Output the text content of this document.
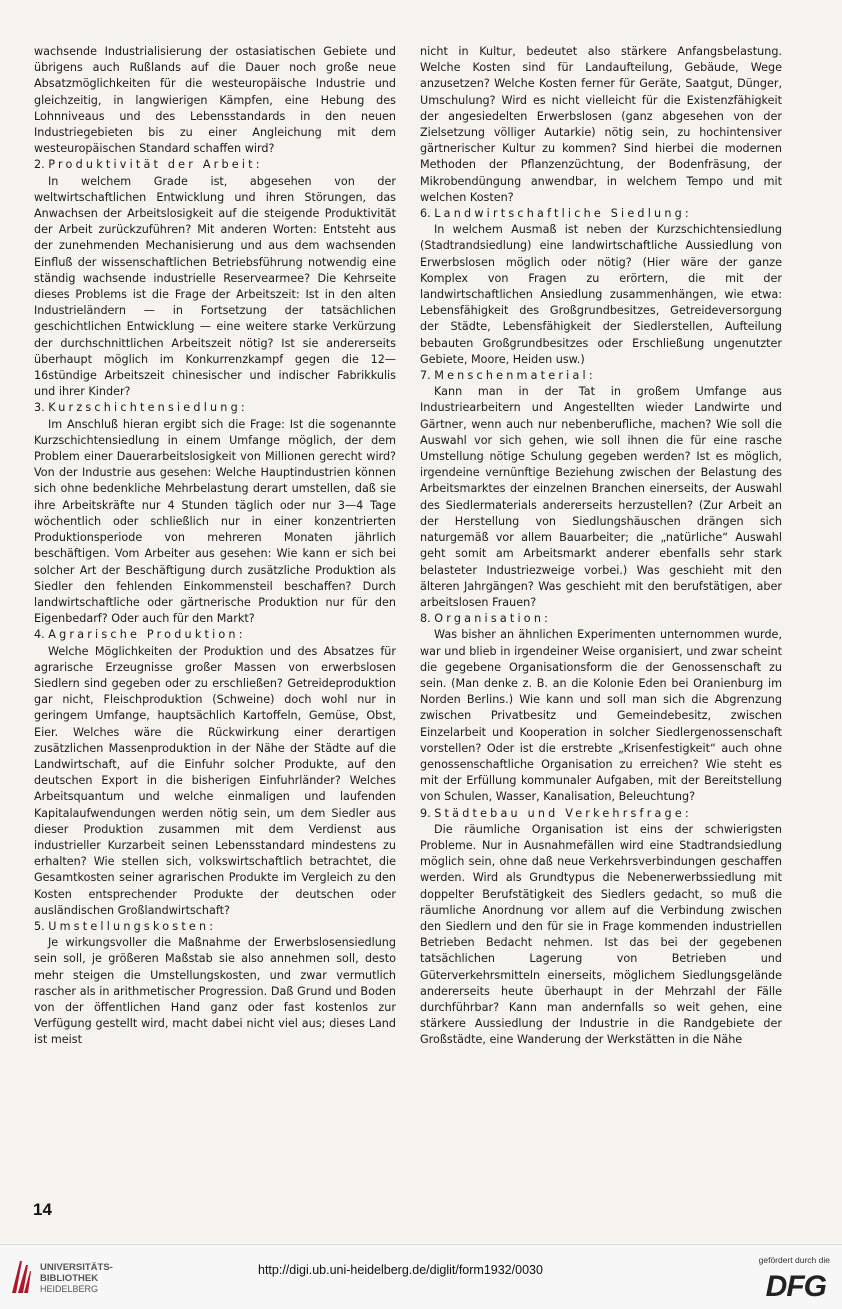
wachsende Industrialisierung der ostasiatischen Gebiete und übrigens auch Rußlands auf die Dauer noch große neue Absatzmöglichkeiten für die westeuropäische Industrie und gleichzeitig, in langwierigen Kämpfen, eine Hebung des Lohnniveaus und des Lebensstandards in den neuen Industriegebieten bis zu einer Angleichung mit dem westeuropäischen Standard schaffen wird?

2. Produktivität der Arbeit:

In welchem Grade ist, abgesehen von der weltwirtschaftlichen Entwicklung und ihren Störungen, das Anwachsen der Arbeitslosigkeit auf die steigende Produktivität der Arbeit zurückzuführen? Mit anderen Worten: Entsteht aus der zunehmenden Mechanisierung und aus dem wachsenden Einfluß der wissenschaftlichen Betriebsführung notwendig eine ständig wachsende industrielle Reservearmee? Die Kehrseite dieses Problems ist die Frage der Arbeitszeit: Ist in den alten Industrieländern — in Fortsetzung der tatsächlichen geschichtlichen Entwicklung — eine weitere starke Verkürzung der durchschnittlichen Arbeitszeit nötig? Ist sie andererseits überhaupt möglich im Konkurrenzkampf gegen die 12—16stündige Arbeitszeit chinesischer und indischer Fabrikkulis und ihrer Kinder?

3. Kurzschichtensiedlung:

Im Anschluß hieran ergibt sich die Frage: Ist die sogenannte Kurzschichtensiedlung in einem Umfange möglich, der dem Problem einer Dauerarbeitslosigkeit von Millionen gerecht wird? Von der Industrie aus gesehen: Welche Hauptindustrien können sich ohne bedenkliche Mehrbelastung derart umstellen, daß sie ihre Arbeitskräfte nur 4 Stunden täglich oder nur 3—4 Tage wöchentlich oder schließlich nur in einer konzentrierten Produktionsperiode von mehreren Monaten jährlich beschäftigen. Vom Arbeiter aus gesehen: Wie kann er sich bei solcher Art der Beschäftigung durch zusätzliche Produktion als Siedler den fehlenden Einkommensteil beschaffen? Durch landwirtschaftliche oder gärtnerische Produktion nur für den Eigenbedarf? Oder auch für den Markt?

4. Agrarische Produktion:

Welche Möglichkeiten der Produktion und des Absatzes für agrarische Erzeugnisse großer Massen von erwerbslosen Siedlern sind gegeben oder zu erschließen? Getreideproduktion gar nicht, Fleischproduktion (Schweine) doch wohl nur in geringem Umfange, hauptsächlich Kartoffeln, Gemüse, Obst, Eier. Welches wäre die Rückwirkung einer derartigen zusätzlichen Massenproduktion in der Nähe der Städte auf die Landwirtschaft, auf die Einfuhr solcher Produkte, auf den deutschen Export in die bisherigen Einfuhrländer? Welches Arbeitsquantum und welche einmaligen und laufenden Kapitalaufwendungen werden nötig sein, um dem Siedler aus dieser Produktion zusammen mit dem Verdienst aus industrieller Kurzarbeit seinen Lebensstandard mindestens zu erhalten? Wie stellen sich, volkswirtschaftlich betrachtet, die Gesamtkosten seiner agrarischen Produkte im Vergleich zu den Kosten entsprechender Produkte der deutschen oder ausländischen Großlandwirtschaft?

5. Umstellungskosten:

Je wirkungsvoller die Maßnahme der Erwerbslosensiedlung sein soll, je größeren Maßstab sie also annehmen soll, desto mehr steigen die Umstellungskosten, und zwar vermutlich rascher als in arithmetischer Progression. Daß Grund und Boden von der öffentlichen Hand ganz oder fast kostenlos zur Verfügung gestellt wird, macht dabei nicht viel aus; dieses Land ist meist

nicht in Kultur, bedeutet also stärkere Anfangsbelastung. Welche Kosten sind für Landaufteilung, Gebäude, Wege anzusetzen? Welche Kosten ferner für Geräte, Saatgut, Dünger, Umschulung? Wird es nicht vielleicht für die Existenzfähigkeit der angesiedelten Erwerbslosen (ganz abgesehen von der Zielsetzung völliger Autarkie) nötig sein, zu hochintensiver gärtnerischer Kultur zu kommen? Sind hierbei die modernen Methoden der Pflanzenzüchtung, der Bodenfräsung, der Mikrobendüngung anwendbar, in welchem Tempo und mit welchen Kosten?

6. Landwirtschaftliche Siedlung:

In welchem Ausmaß ist neben der Kurzschichtensiedlung (Stadtrandsiedlung) eine landwirtschaftliche Aussiedlung von Erwerbslosen möglich oder nötig? (Hier wäre der ganze Komplex von Fragen zu erörtern, die mit der landwirtschaftlichen Ansiedlung zusammenhängen, wie etwa: Lebensfähigkeit des Großgrundbesitzes, Getreideversorgung der Städte, Lebensfähigkeit der Siedlerstellen, Aufteilung bebauten Großgrundbesitzes oder Erschließung ungenutzter Gebiete, Moore, Heiden usw.)

7. Menschenmaterial:

Kann man in der Tat in großem Umfange aus Industriearbeitern und Angestellten wieder Landwirte und Gärtner, wenn auch nur nebenberufliche, machen? Wie soll die Auswahl vor sich gehen, wie soll ihnen die für eine rasche Umstellung nötige Schulung gegeben werden? Ist es möglich, irgendeine vernünftige Beziehung zwischen der Belastung des Arbeitsmarktes der einzelnen Branchen einerseits, der Auswahl des Siedlermaterials andererseits herzustellen? (Zur Arbeit an der Herstellung von Siedlungshäuschen drängen sich naturgemäß vor allem Bauarbeiter; die „natürliche“ Auswahl geht somit am Arbeitsmarkt anderer ebenfalls sehr stark belasteter Industriezweige vorbei.) Was geschieht mit den älteren Jahrgängen? Was geschieht mit den berufstätigen, aber arbeitslosen Frauen?

8. Organisation:

Was bisher an ähnlichen Experimenten unternommen wurde, war und blieb in irgendeiner Weise organisiert, und zwar scheint die gegebene Organisationsform die der Genossenschaft zu sein. (Man denke z. B. an die Kolonie Eden bei Oranienburg im Norden Berlins.) Wie kann und soll man sich die Abgrenzung zwischen Privatbesitz und Gemeindebesitz, zwischen Einzelarbeit und Kooperation in solcher Siedlergenossenschaft vorstellen? Oder ist die erstrebte „Krisenfestigkeit“ auch ohne genossenschaftliche Organisation zu erreichen? Wie steht es mit der Erfüllung kommunaler Aufgaben, mit der Bereitstellung von Schulen, Wasser, Kanalisation, Beleuchtung?

9. Städtebau und Verkehrsfrage:

Die räumliche Organisation ist eins der schwierigsten Probleme. Nur in Ausnahmefällen wird eine Stadtrandsiedlung möglich sein, ohne daß neue Verkehrsverbindungen geschaffen werden. Wird als Grundtypus die Nebenerwerbssiedlung mit doppelter Berufstätigkeit des Siedlers gedacht, so muß die räumliche Anordnung vor allem auf die Verbindung zwischen den Siedlern und den für sie in Frage kommenden industriellen Betrieben Bedacht nehmen. Ist das bei der gegebenen tatsächlichen Lagerung von Betrieben und Güterverkehrsmitteln einerseits, möglichem Siedlungsgelände andererseits heute überhaupt in der Mehrzahl der Fälle durchführbar? Kann man andernfalls so weit gehen, eine stärkere Aussiedlung der Industrie in die Randgebiete der Großstädte, eine Wanderung der Werkstätten in die Nähe

14
UNIVERSITÄTS-
BIBLIOTHEK
HEIDELBERG
http://digi.ub.uni-heidelberg.de/diglit/form1932/0030
gefördert durch die
DFG
